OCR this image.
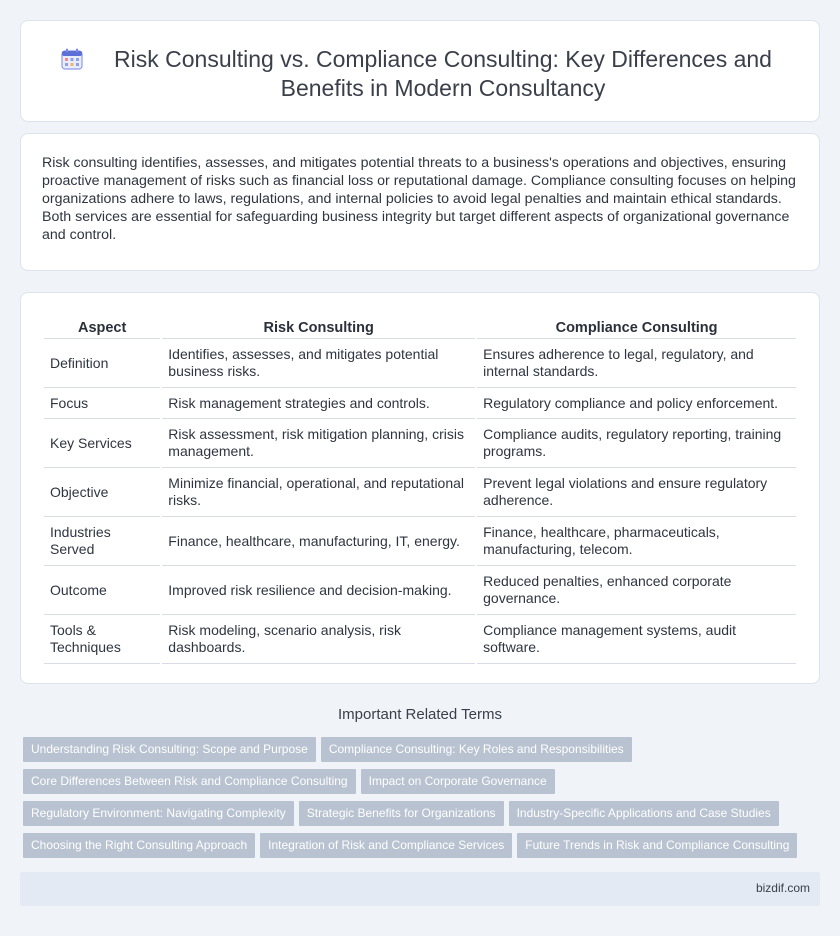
Risk Consulting vs. Compliance Consulting: Key Differences and Benefits in Modern Consultancy

Risk consulting identifies, assesses, and mitigates potential threats to a business's operations and objectives, ensuring proactive management of risks such as financial loss or reputational damage. Compliance consulting focuses on helping organizations adhere to laws, regulations, and internal policies to avoid legal penalties and maintain ethical standards. Both services are essential for safeguarding business integrity but target different aspects of organizational governance and control.

Aspect	Risk Consulting	Compliance Consulting
Definition	Identifies, assesses, and mitigates potential business risks.	Ensures adherence to legal, regulatory, and internal standards.
Focus	Risk management strategies and controls.	Regulatory compliance and policy enforcement.
Key Services	Risk assessment, risk mitigation planning, crisis management.	Compliance audits, regulatory reporting, training programs.
Objective	Minimize financial, operational, and reputational risks.	Prevent legal violations and ensure regulatory adherence.
Industries Served	Finance, healthcare, manufacturing, IT, energy.	Finance, healthcare, pharmaceuticals, manufacturing, telecom.
Outcome	Improved risk resilience and decision-making.	Reduced penalties, enhanced corporate governance.
Tools & Techniques	Risk modeling, scenario analysis, risk dashboards.	Compliance management systems, audit software.
Important Related Terms
Understanding Risk Consulting: Scope and Purpose Compliance Consulting: Key Roles and Responsibilities
Core Differences Between Risk and Compliance Consulting Impact on Corporate Governance
Regulatory Environment: Navigating Complexity Strategic Benefits for Organizations Industry-Specific Applications and Case Studies
Choosing the Right Consulting Approach Integration of Risk and Compliance Services Future Trends in Risk and Compliance Consulting
bizdif.com
